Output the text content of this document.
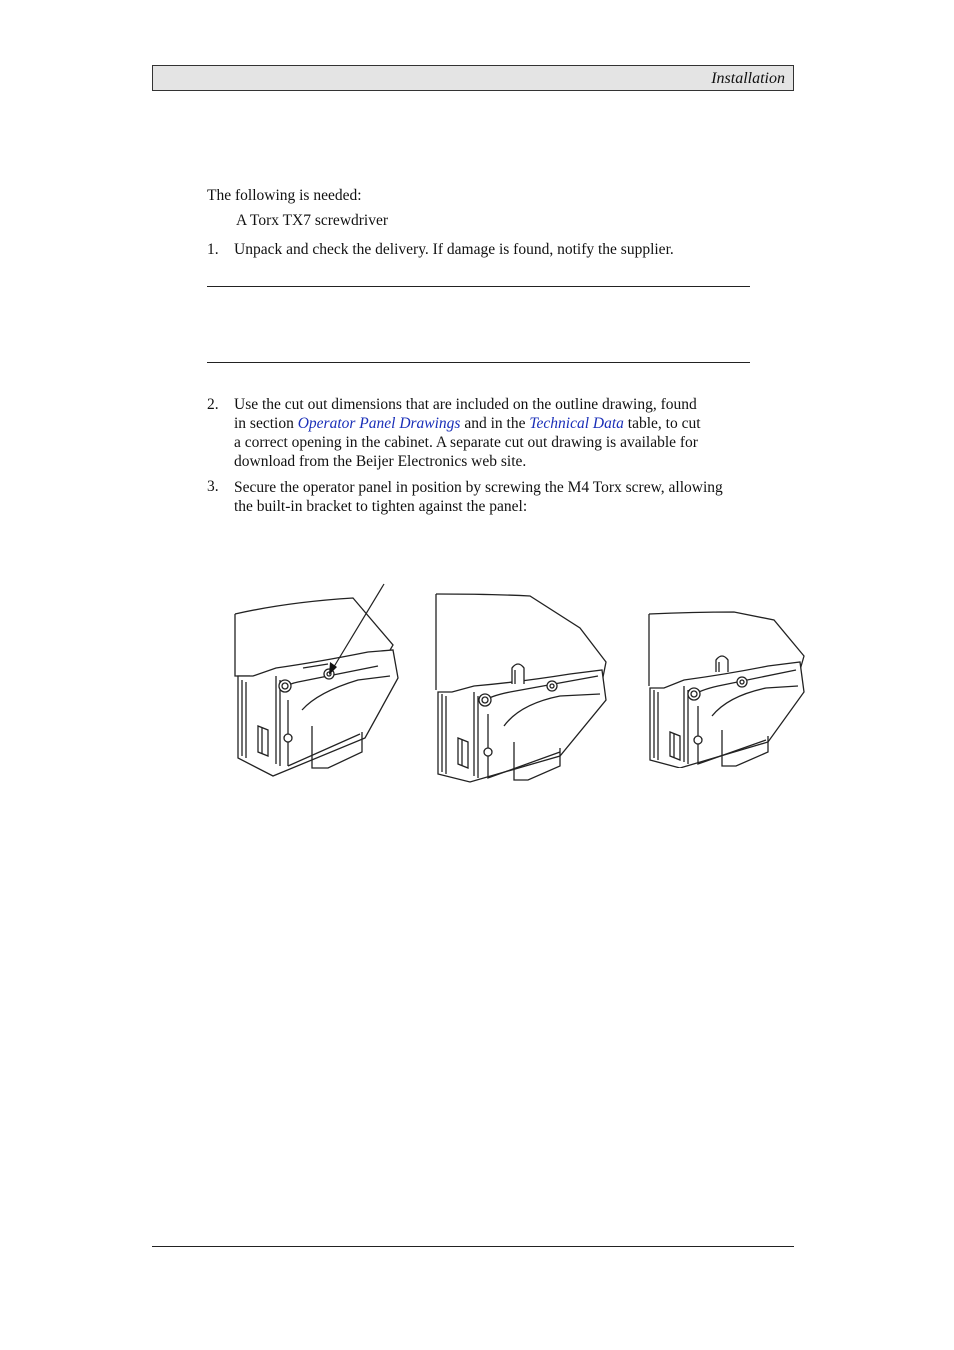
Installation
The following is needed:
A Torx TX7 screwdriver
1. Unpack and check the delivery. If damage is found, notify the supplier.
2. Use the cut out dimensions that are included on the outline drawing, found
in section Operator Panel Drawings and in the Technical Data table, to cut
a correct opening in the cabinet. A separate cut out drawing is available for
download from the Beijer Electronics web site.
3. Secure the operator panel in position by screwing the M4 Torx screw, allowing
the built-in bracket to tighten against the panel:
